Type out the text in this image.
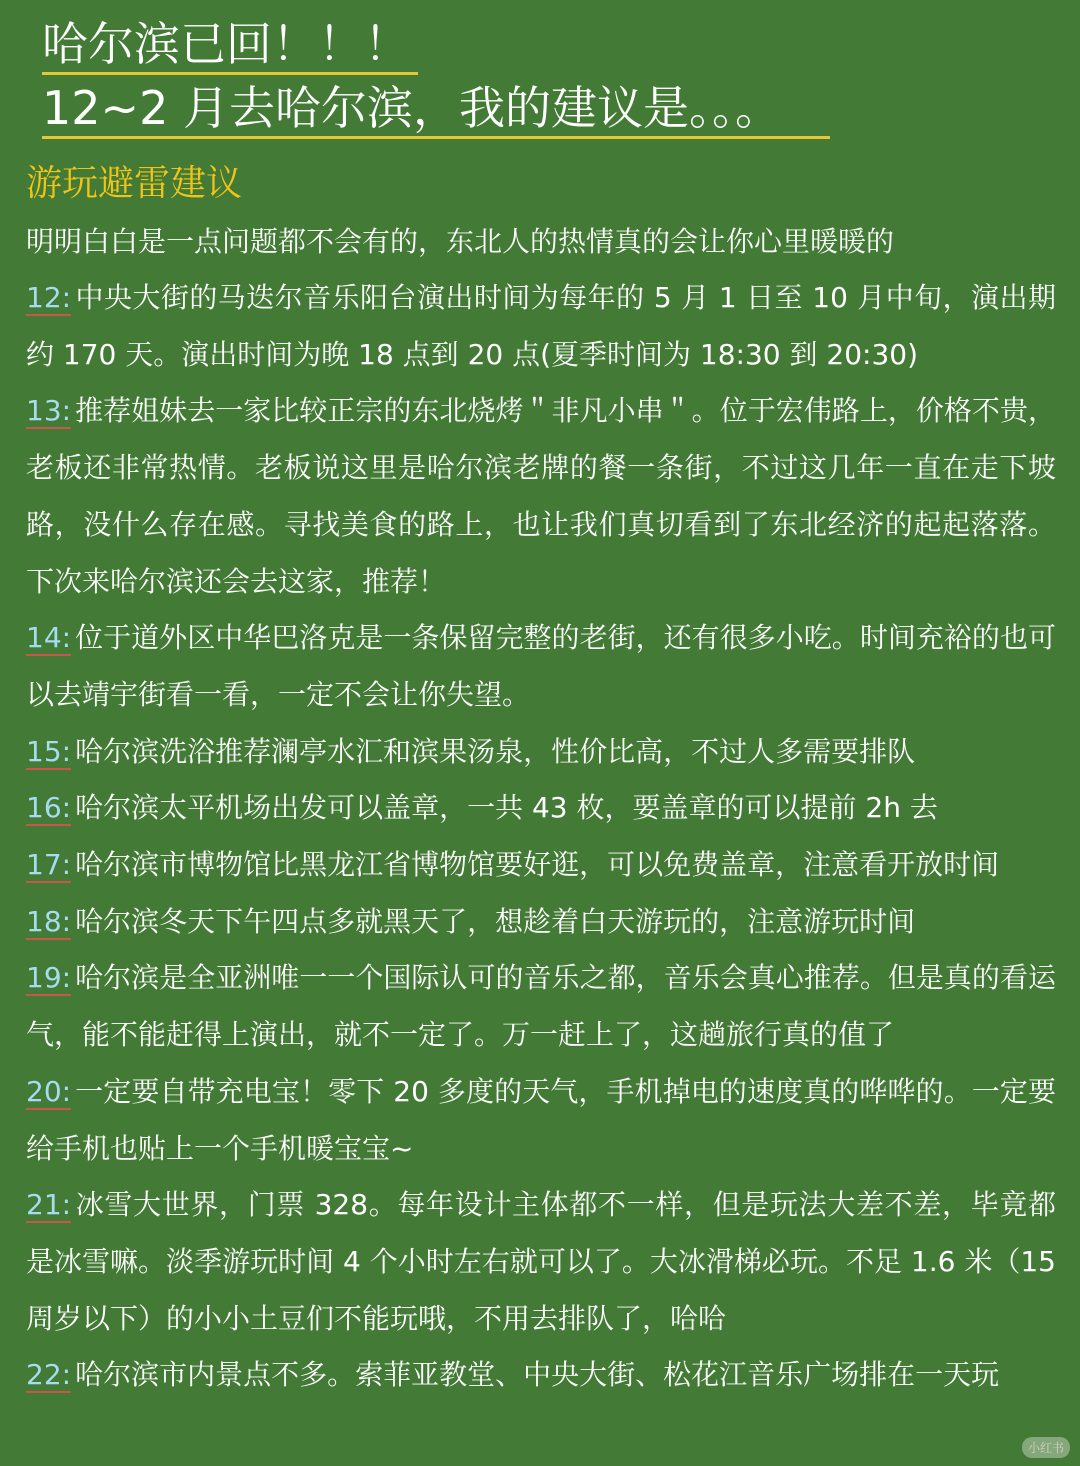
哈尔滨已回！！！
12~2 月去哈尔滨，我的建议是。。。
游玩避雷建议
明明白白是一点问题都不会有的，东北人的热情真的会让你心里暖暖的
12: 中央大街的马迭尔音乐阳台演出时间为每年的 5 月 1 日至 10 月中旬，演出期约 170 天。演出时间为晚 18 点到 20 点(夏季时间为 18:30 到 20:30)
13: 推荐姐妹去一家比较正宗的东北烧烤＂非凡小串＂。位于宏伟路上，价格不贵，老板还非常热情。老板说这里是哈尔滨老牌的餐一条街，不过这几年一直在走下坡路，没什么存在感。寻找美食的路上，也让我们真切看到了东北经济的起起落落。下次来哈尔滨还会去这家，推荐！
14: 位于道外区中华巴洛克是一条保留完整的老街，还有很多小吃。时间充裕的也可以去靖宇街看一看，一定不会让你失望。
15: 哈尔滨洗浴推荐澜亭水汇和滨果汤泉，性价比高，不过人多需要排队
16: 哈尔滨太平机场出发可以盖章，一共 43 枚，要盖章的可以提前 2h 去
17: 哈尔滨市博物馆比黑龙江省博物馆要好逛，可以免费盖章，注意看开放时间
18: 哈尔滨冬天下午四点多就黑天了，想趁着白天游玩的，注意游玩时间
19: 哈尔滨是全亚洲唯一一个国际认可的音乐之都，音乐会真心推荐。但是真的看运气，能不能赶得上演出，就不一定了。万一赶上了，这趟旅行真的值了
20: 一定要自带充电宝！零下 20 多度的天气，手机掉电的速度真的哗哗的。一定要给手机也贴上一个手机暖宝宝~
21: 冰雪大世界，门票 328。每年设计主体都不一样，但是玩法大差不差，毕竟都是冰雪嘛。淡季游玩时间 4 个小时左右就可以了。大冰滑梯必玩。不足 1.6 米（15 周岁以下）的小小土豆们不能玩哦，不用去排队了，哈哈
22: 哈尔滨市内景点不多。索菲亚教堂、中央大街、松花江音乐广场排在一天玩
小红书
